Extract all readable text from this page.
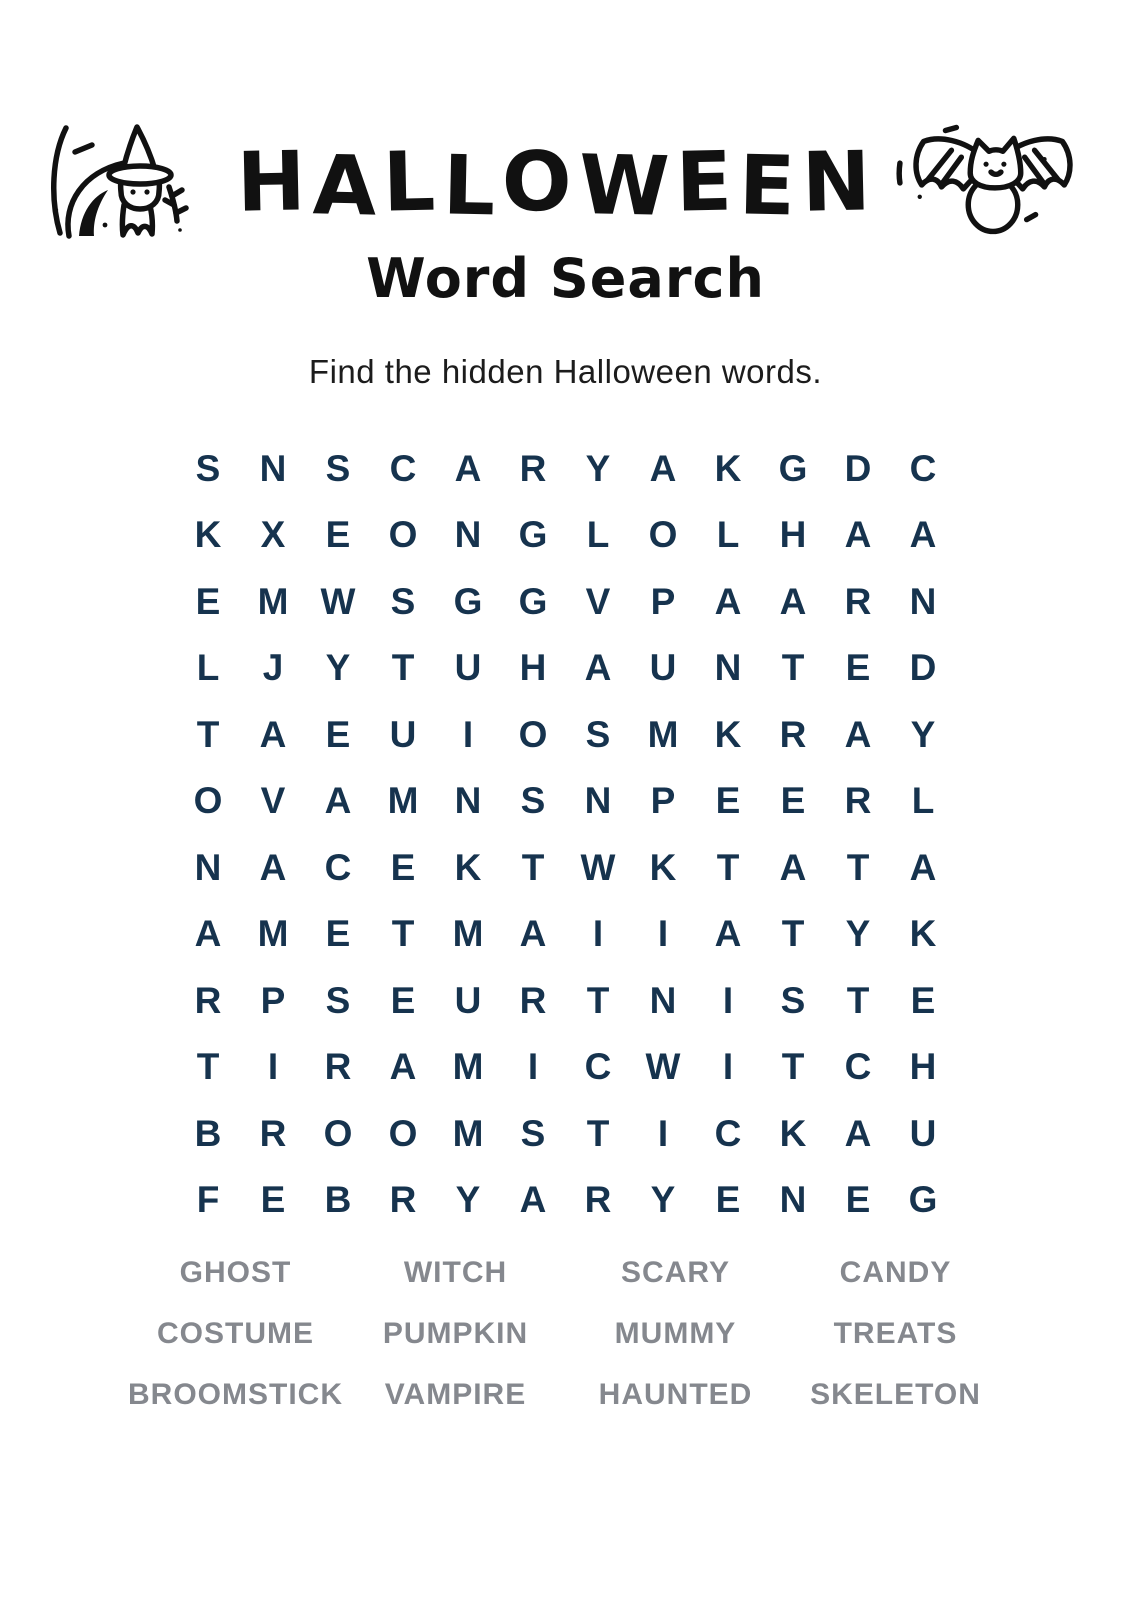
HALLOWEEN
Word Search

Find the hidden Halloween words.

S	N	S	C	A	R	Y	A	K	G	D	C
K	X	E	O	N	G	L	O	L	H	A	A
E	M W S	G G	V	P	A	A	R	N
L	J	Y	T	U	H	A	U	N	T	E	D
T	A	E	U	I	O	S	M K	R	A	Y
O	V	A M N	S	N	P	E	E	R	L
N	A	C	E	K	T W K	T	A	T	A
A M	E	T	M A	I	I	A	T	Y	K
R	P	S	E	U	R	T	N	I	S	T	E
T	I	R	A M	I	C W	I	T	C	H
B	R	O O M	S	T	I	C	K	A	U
F	E	B	R	Y	A	R	Y	E	N	E	G
GHOST	WITCH	SCARY	CANDY
COSTUME	PUMPKIN	MUMMY	TREATS
BROOMSTICK	VAMPIRE	HAUNTED	SKELETON
